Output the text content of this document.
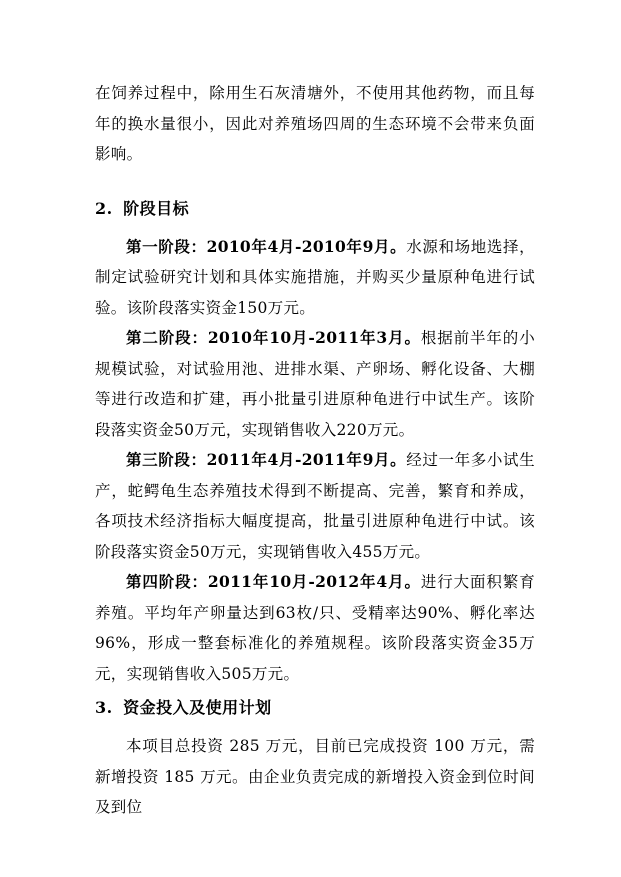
在饲养过程中，除用生石灰清塘外，不使用其他药物，而且每年的换水量很小，因此对养殖场四周的生态环境不会带来负面影响。

2. 阶段目标

第一阶段：2010年4月-2010年9月。水源和场地选择，制定试验研究计划和具体实施措施，并购买少量原种龟进行试验。该阶段落实资金150万元。

第二阶段：2010年10月-2011年3月。根据前半年的小规模试验，对试验用池、进排水渠、产卵场、孵化设备、大棚等进行改造和扩建，再小批量引进原种龟进行中试生产。该阶段落实资金50万元，实现销售收入220万元。

第三阶段：2011年4月-2011年9月。经过一年多小试生产，蛇鳄龟生态养殖技术得到不断提高、完善，繁育和养成，各项技术经济指标大幅度提高，批量引进原种龟进行中试。该阶段落实资金50万元，实现销售收入455万元。

第四阶段：2011年10月-2012年4月。进行大面积繁育养殖。平均年产卵量达到63枚/只、受精率达90%、孵化率达96%，形成一整套标准化的养殖规程。该阶段落实资金35万元，实现销售收入505万元。

3. 资金投入及使用计划

本项目总投资 285 万元，目前已完成投资 100 万元，需新增投资 185 万元。由企业负责完成的新增投入资金到位时间及到位
